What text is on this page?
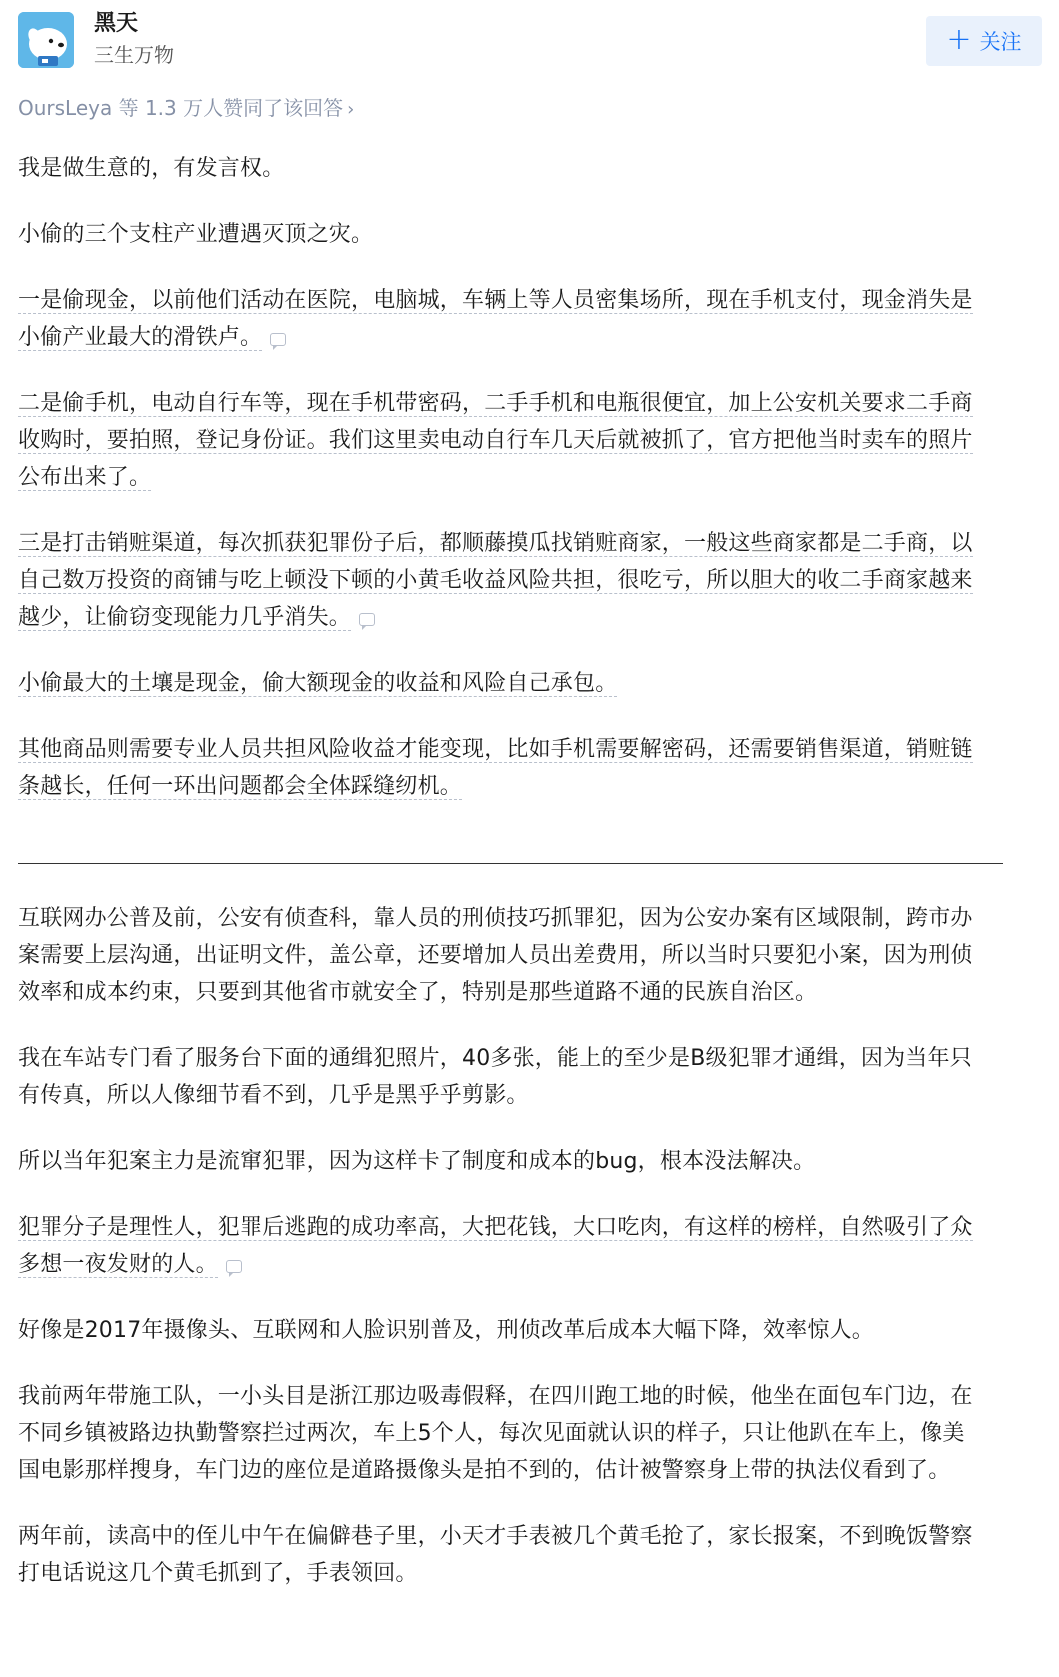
黑天
三生万物	+ 关注
OursLeya 等 1.3 万人赞同了该回答 ›

我是做生意的，有发言权。

小偷的三个支柱产业遭遇灭顶之灾。

一是偷现金，以前他们活动在医院，电脑城，车辆上等人员密集场所，现在手机支付，现金消失是小偷产业最大的滑铁卢。

二是偷手机，电动自行车等，现在手机带密码，二手手机和电瓶很便宜，加上公安机关要求二手商收购时，要拍照，登记身份证。我们这里卖电动自行车几天后就被抓了，官方把他当时卖车的照片公布出来了。

三是打击销赃渠道，每次抓获犯罪份子后，都顺藤摸瓜找销赃商家，一般这些商家都是二手商，以自己数万投资的商铺与吃上顿没下顿的小黄毛收益风险共担，很吃亏，所以胆大的收二手商家越来越少，让偷窃变现能力几乎消失。

小偷最大的土壤是现金，偷大额现金的收益和风险自己承包。

其他商品则需要专业人员共担风险收益才能变现，比如手机需要解密码，还需要销售渠道，销赃链条越长，任何一环出问题都会全体踩缝纫机。

互联网办公普及前，公安有侦查科，靠人员的刑侦技巧抓罪犯，因为公安办案有区域限制，跨市办案需要上层沟通，出证明文件，盖公章，还要增加人员出差费用，所以当时只要犯小案，因为刑侦效率和成本约束，只要到其他省市就安全了，特别是那些道路不通的民族自治区。

我在车站专门看了服务台下面的通缉犯照片，40多张，能上的至少是B级犯罪才通缉，因为当年只有传真，所以人像细节看不到，几乎是黑乎乎剪影。

所以当年犯案主力是流窜犯罪，因为这样卡了制度和成本的bug，根本没法解决。

犯罪分子是理性人，犯罪后逃跑的成功率高，大把花钱，大口吃肉，有这样的榜样，自然吸引了众多想一夜发财的人。

好像是2017年摄像头、互联网和人脸识别普及，刑侦改革后成本大幅下降，效率惊人。

我前两年带施工队，一小头目是浙江那边吸毒假释，在四川跑工地的时候，他坐在面包车门边，在不同乡镇被路边执勤警察拦过两次，车上5个人，每次见面就认识的样子，只让他趴在车上，像美国电影那样搜身，车门边的座位是道路摄像头是拍不到的，估计被警察身上带的执法仪看到了。

两年前，读高中的侄儿中午在偏僻巷子里，小天才手表被几个黄毛抢了，家长报案，不到晚饭警察打电话说这几个黄毛抓到了，手表领回。
